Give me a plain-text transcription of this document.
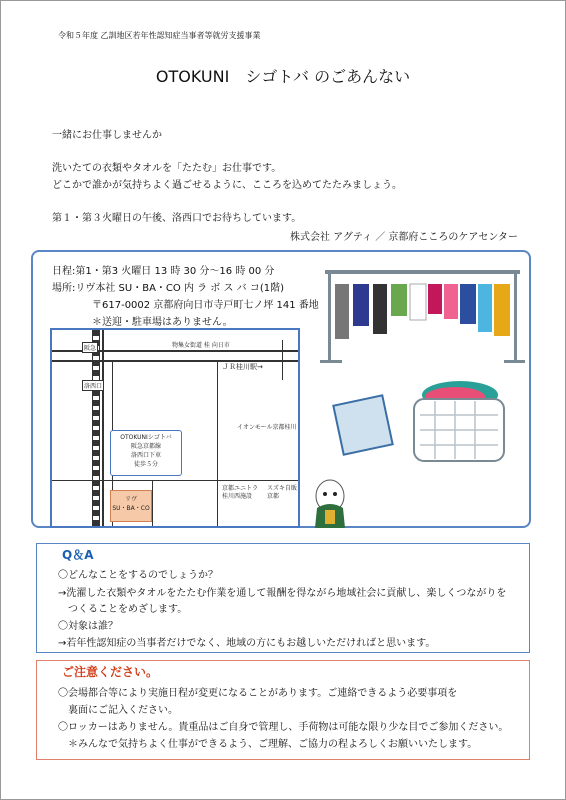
令和５年度 乙訓地区若年性認知症当事者等就労支援事業
OTOKUNI　シゴトバ のごあんない
一緒にお仕事しませんか
洗いたての衣類やタオルを「たたむ」お仕事です。
どこかで誰かが気持ちよく過ごせるように、こころを込めてたたみましょう。
第１・第３火曜日の午後、洛西口でお待ちしています。
株式会社 アグティ ／ 京都府こころのケアセンター
日程:第1・第3 火曜日 13 時 30 分～16 時 00 分
場所:リヴ本社 SU・BA・CO 内 ラ ボ ス バ コ(1階)
〒617-0002 京都府向日市寺戸町七ノ坪 141 番地
＊送迎・駐車場はありません。
物集女街道 桂 向日市
ＪＲ桂川駅→
阪急
洛西口
イオンモール京都桂川
OTOKUNIシゴトバ
阪急京都線
洛西口下車
徒歩５分
リヴ
SU・BA・CO
京都ユニトラ
桂川西施設
スズキ自販
京都
Q＆A
〇どんなことをするのでしょうか？
→洗濯した衣類やタオルをたたむ作業を通して報酬を得ながら地域社会に貢献し、楽しくつながりを
　つくることをめざします。
〇対象は誰？
→若年性認知症の当事者だけでなく、地域の方にもお越しいただければと思います。
ご注意ください。
〇会場都合等により実施日程が変更になることがあります。ご連絡できるよう必要事項を
　裏面にご記入ください。
〇ロッカーはありません。貴重品はご自身で管理し、手荷物は可能な限り少な目でご参加ください。
　＊みんなで気持ちよく仕事ができるよう、ご理解、ご協力の程よろしくお願いいたします。
